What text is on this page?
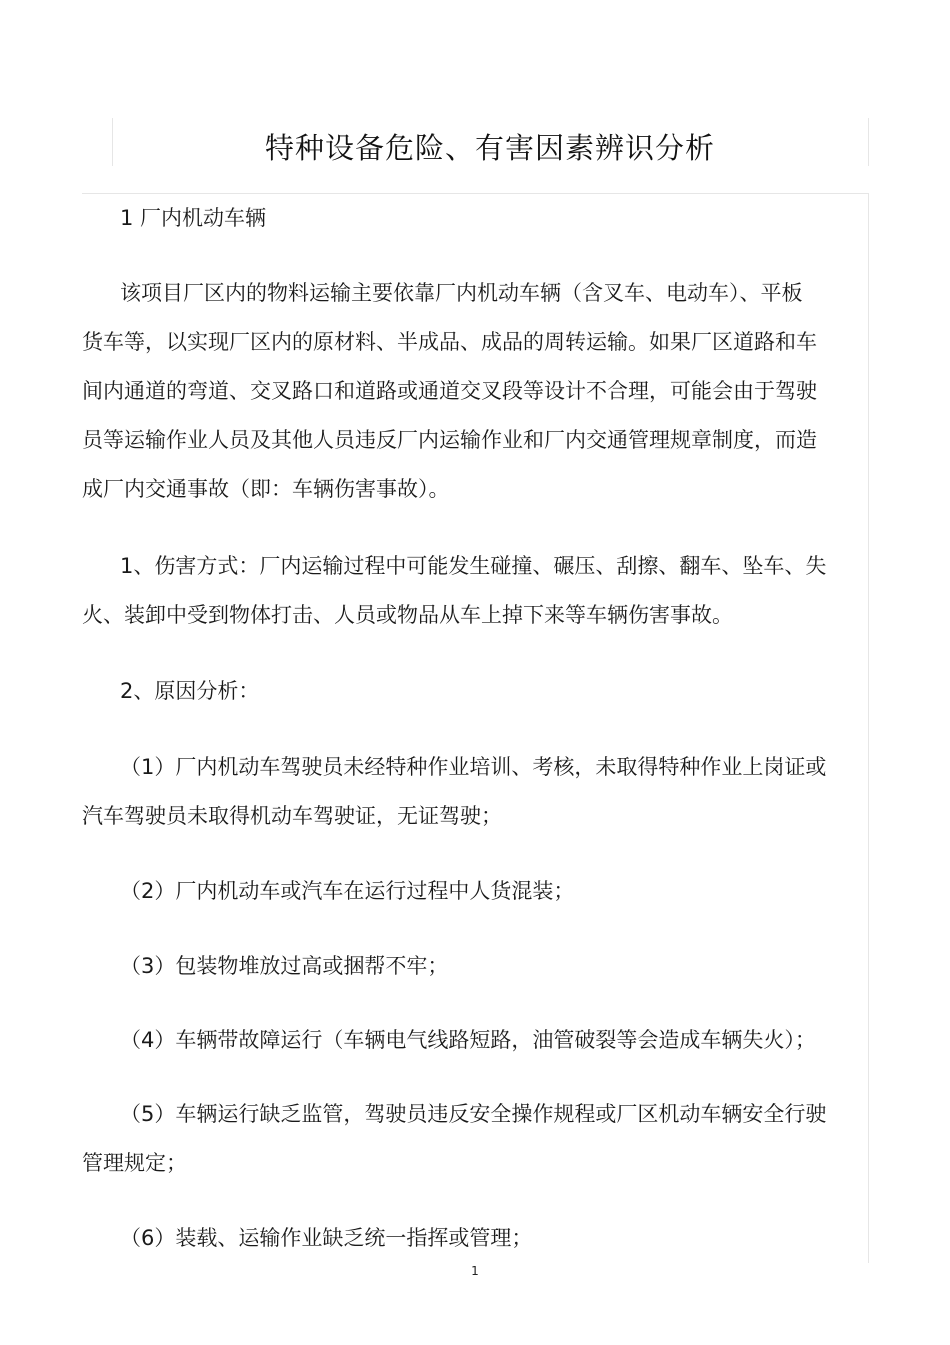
特种设备危险、有害因素辨识分析
1 厂内机动车辆
该项目厂区内的物料运输主要依靠厂内机动车辆（含叉车、电动车）、平板
货车等，以实现厂区内的原材料、半成品、成品的周转运输。如果厂区道路和车
间内通道的弯道、交叉路口和道路或通道交叉段等设计不合理，可能会由于驾驶
员等运输作业人员及其他人员违反厂内运输作业和厂内交通管理规章制度，而造
成厂内交通事故（即：车辆伤害事故）。
1、伤害方式：厂内运输过程中可能发生碰撞、碾压、刮擦、翻车、坠车、失
火、装卸中受到物体打击、人员或物品从车上掉下来等车辆伤害事故。
2、原因分析：
（1）厂内机动车驾驶员未经特种作业培训、考核，未取得特种作业上岗证或
汽车驾驶员未取得机动车驾驶证，无证驾驶；
（2）厂内机动车或汽车在运行过程中人货混装；
（3）包装物堆放过高或捆帮不牢；
（4）车辆带故障运行（车辆电气线路短路，油管破裂等会造成车辆失火）；
（5）车辆运行缺乏监管，驾驶员违反安全操作规程或厂区机动车辆安全行驶
管理规定；
（6）装载、运输作业缺乏统一指挥或管理；
1
